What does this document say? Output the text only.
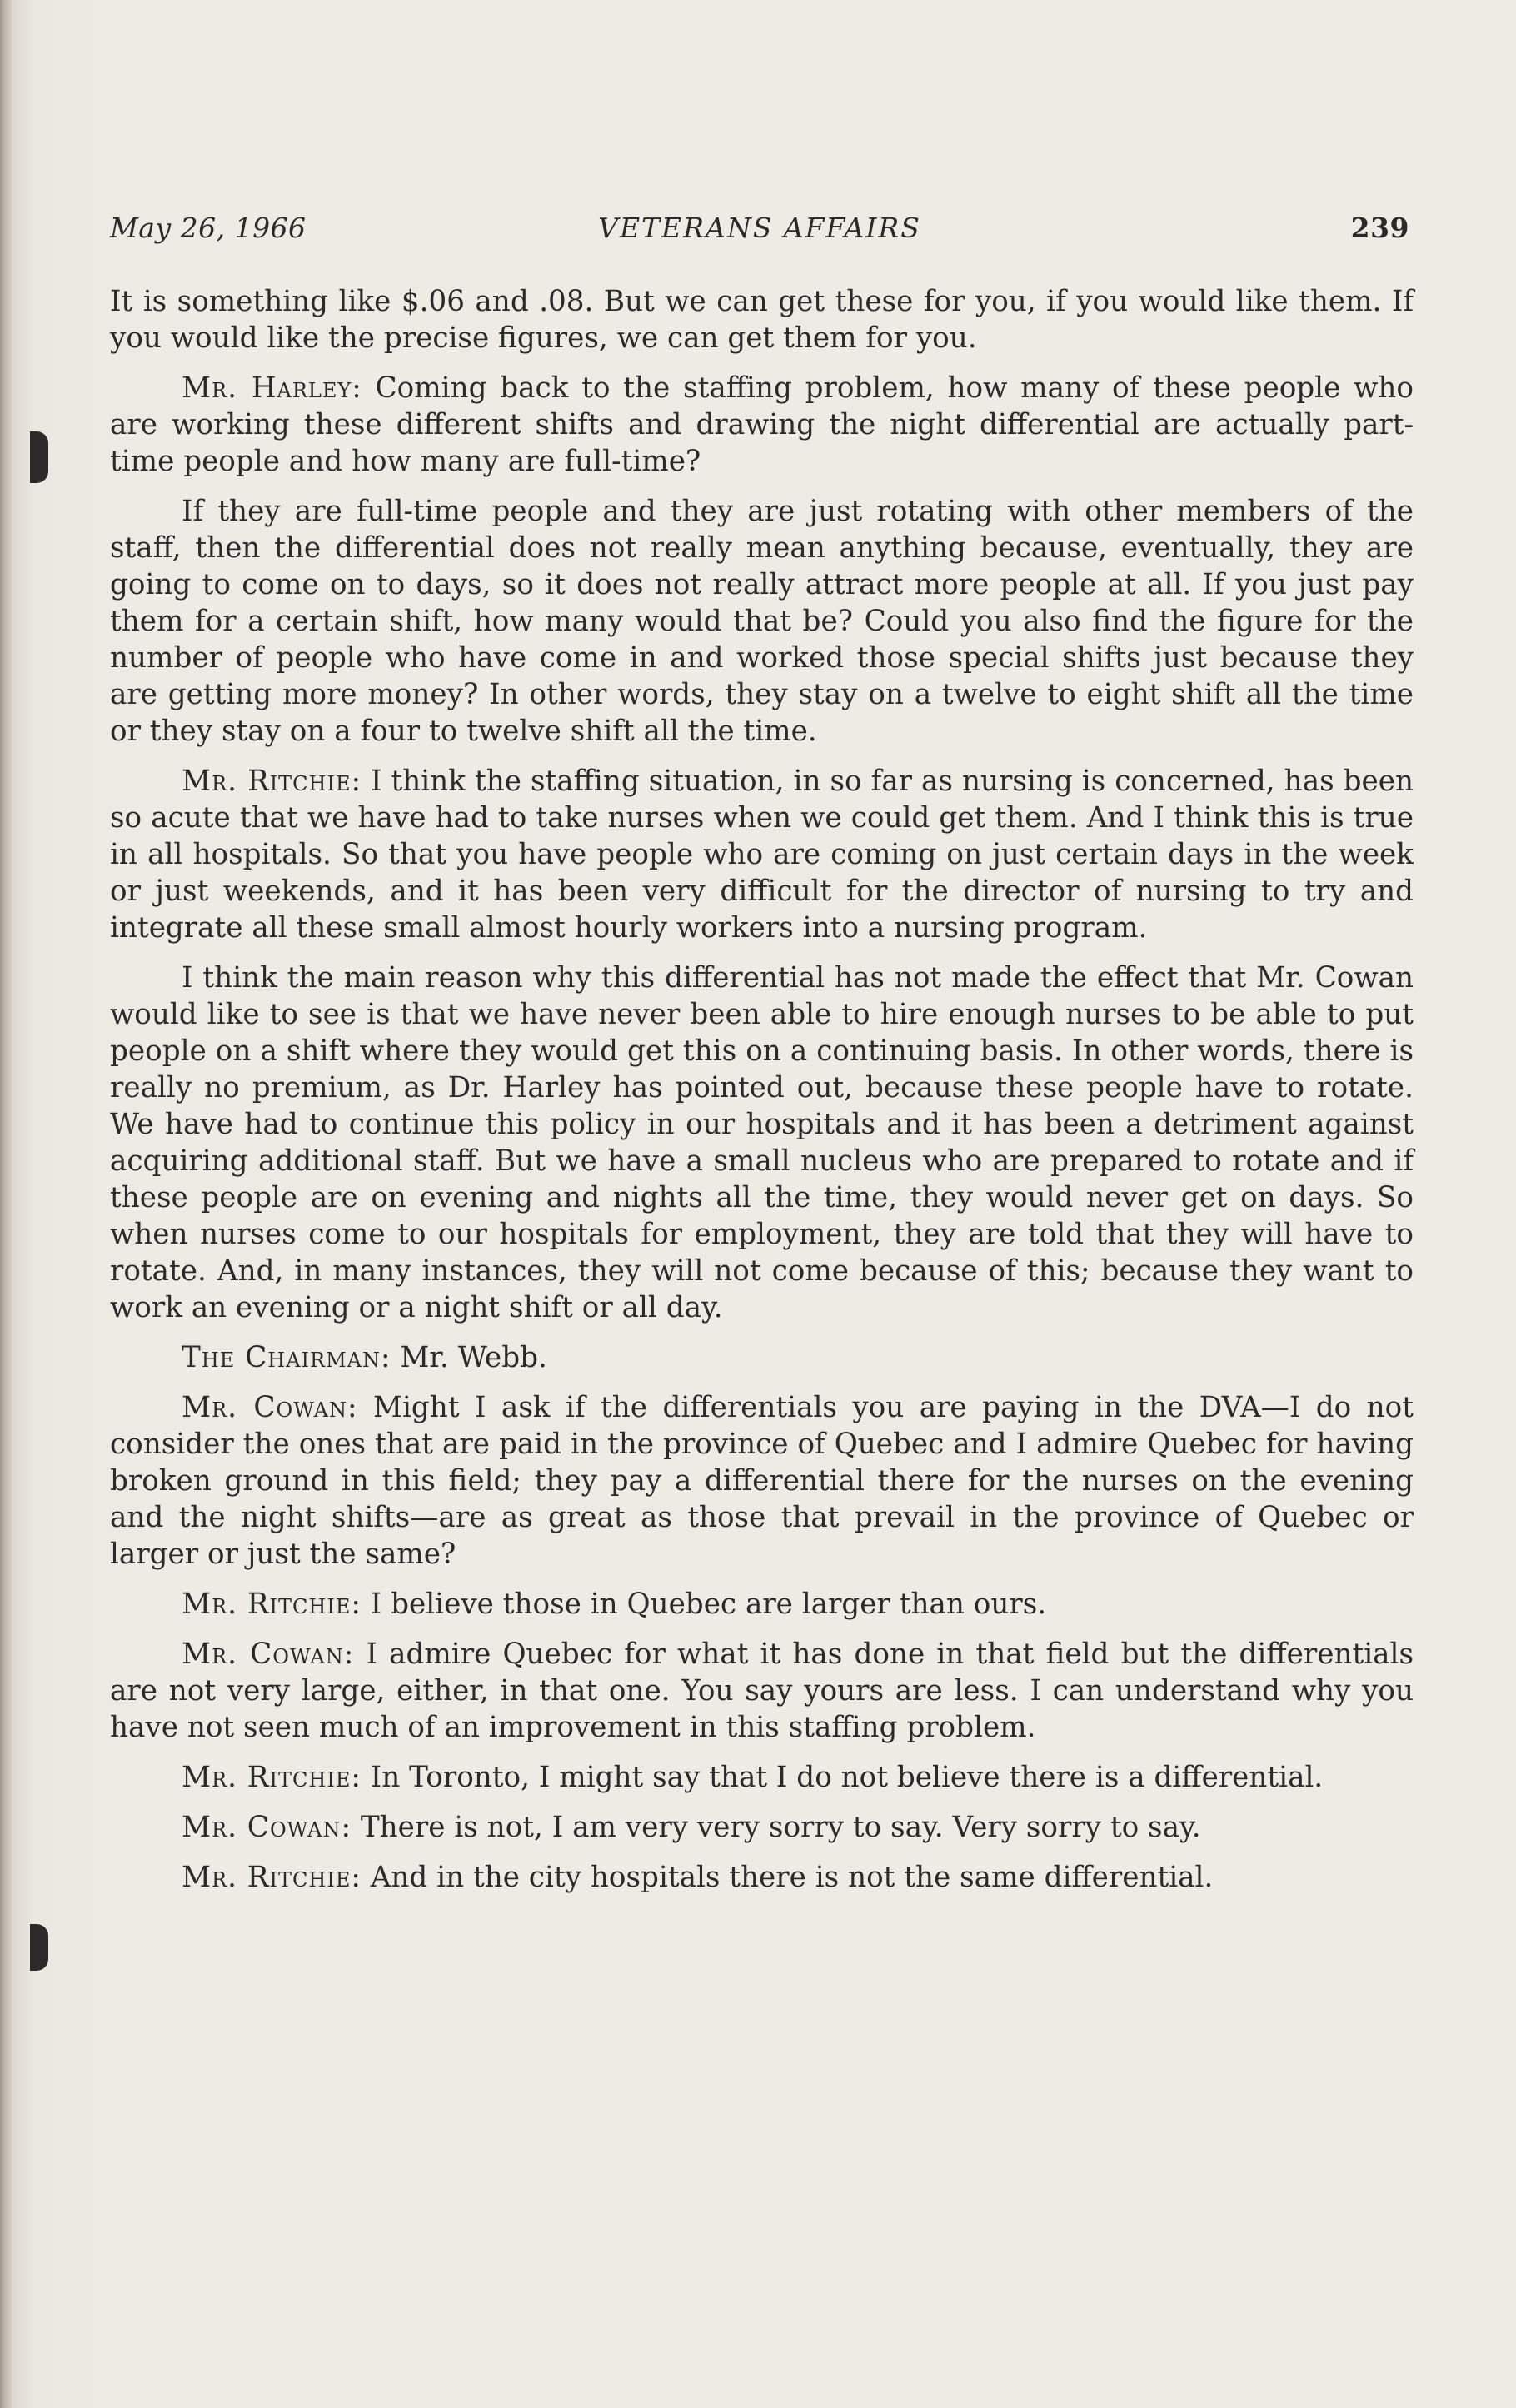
May 26, 1966	VETERANS AFFAIRS	239

It is something like $.06 and .08. But we can get these for you, if you would like them. If you would like the precise figures, we can get them for you.

Mr. Harley: Coming back to the staffing problem, how many of these people who are working these different shifts and drawing the night differential are actually part-time people and how many are full-time?

If they are full-time people and they are just rotating with other members of the staff, then the differential does not really mean anything because, eventually, they are going to come on to days, so it does not really attract more people at all. If you just pay them for a certain shift, how many would that be? Could you also find the figure for the number of people who have come in and worked those special shifts just because they are getting more money? In other words, they stay on a twelve to eight shift all the time or they stay on a four to twelve shift all the time.

Mr. Ritchie: I think the staffing situation, in so far as nursing is concerned, has been so acute that we have had to take nurses when we could get them. And I think this is true in all hospitals. So that you have people who are coming on just certain days in the week or just weekends, and it has been very difficult for the director of nursing to try and integrate all these small almost hourly workers into a nursing program.

I think the main reason why this differential has not made the effect that Mr. Cowan would like to see is that we have never been able to hire enough nurses to be able to put people on a shift where they would get this on a continuing basis. In other words, there is really no premium, as Dr. Harley has pointed out, because these people have to rotate. We have had to continue this policy in our hospitals and it has been a detriment against acquiring additional staff. But we have a small nucleus who are prepared to rotate and if these people are on evening and nights all the time, they would never get on days. So when nurses come to our hospitals for employment, they are told that they will have to rotate. And, in many instances, they will not come because of this; because they want to work an evening or a night shift or all day.

The Chairman: Mr. Webb.

Mr. Cowan: Might I ask if the differentials you are paying in the DVA—I do not consider the ones that are paid in the province of Quebec and I admire Quebec for having broken ground in this field; they pay a differential there for the nurses on the evening and the night shifts—are as great as those that prevail in the province of Quebec or larger or just the same?

Mr. Ritchie: I believe those in Quebec are larger than ours.

Mr. Cowan: I admire Quebec for what it has done in that field but the differentials are not very large, either, in that one. You say yours are less. I can understand why you have not seen much of an improvement in this staffing problem.

Mr. Ritchie: In Toronto, I might say that I do not believe there is a differential.

Mr. Cowan: There is not, I am very very sorry to say. Very sorry to say.

Mr. Ritchie: And in the city hospitals there is not the same differential.
